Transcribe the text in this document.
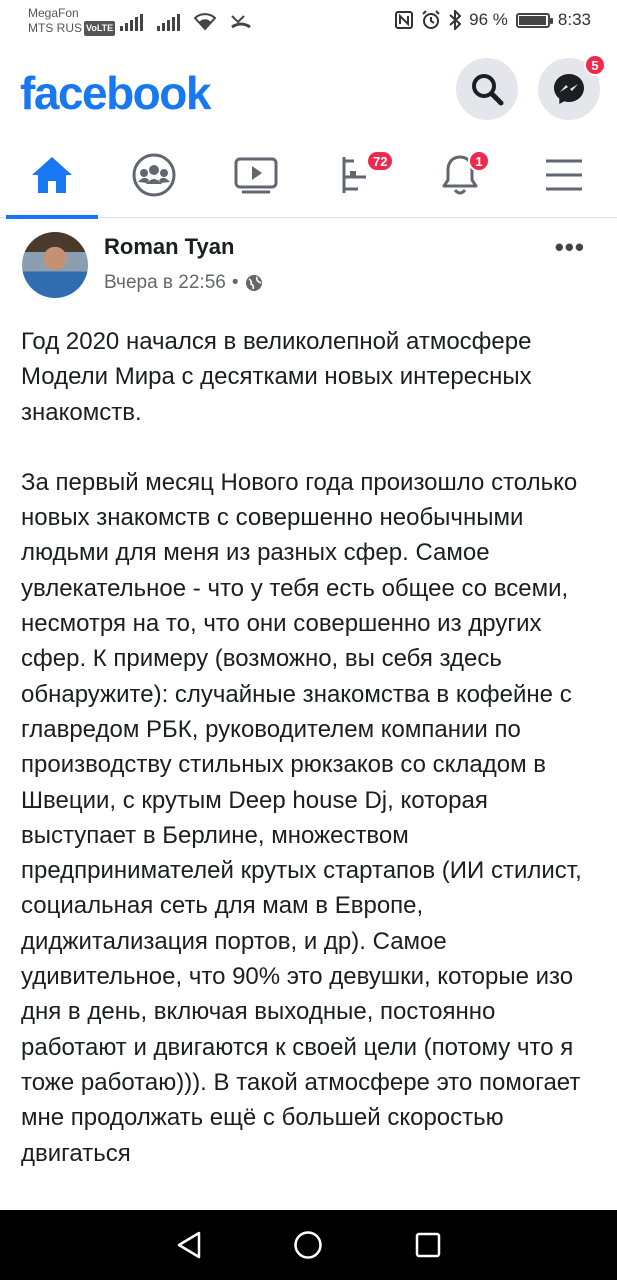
MegaFon
MTS RUS VoLTE	96 %	8:33
facebook
5
72	1
Roman Tyan
Вчера в 22:56 •
•••

Год 2020 начался в великолепной атмосфере Модели Мира с десятками новых интересных знакомств.

За первый месяц Нового года произошло столько новых знакомств с совершенно необычными людьми для меня из разных сфер. Самое увлекательное - что у тебя есть общее со всеми, несмотря на то, что они совершенно из других сфер. К примеру (возможно, вы себя здесь обнаружите): случайные знакомства в кофейне с главредом РБК, руководителем компании по производству стильных рюкзаков со складом в Швеции, с крутым Deep house Dj, которая выступает в Берлине, множеством предпринимателей крутых стартапов (ИИ стилист, социальная сеть для мам в Европе, диджитализация портов, и др). Самое удивительное, что 90% это девушки, которые изо дня в день, включая выходные, постоянно работают и двигаются к своей цели (потому что я тоже работаю))). В такой атмосфере это помогает мне продолжать ещё с большей скоростью двигаться
